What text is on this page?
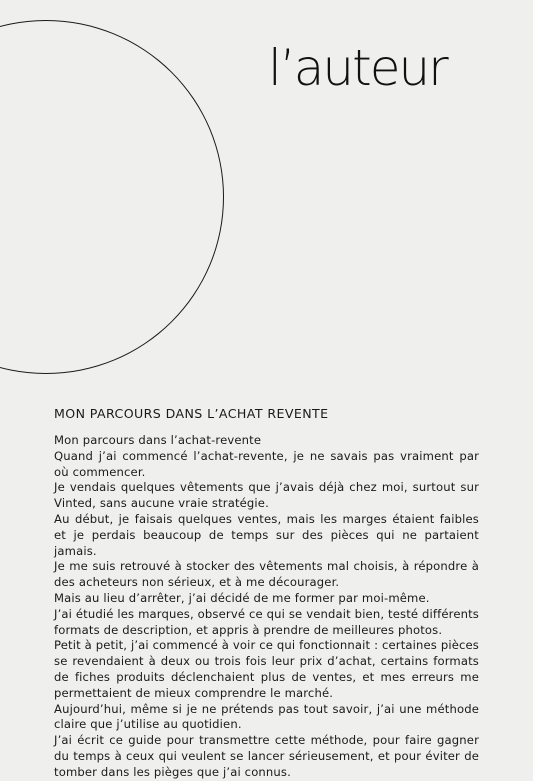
l’auteur
MON PARCOURS DANS L’ACHAT REVENTE

Mon parcours dans l’achat-revente

Quand j’ai commencé l’achat-revente, je ne savais pas vraiment par où commencer.

Je vendais quelques vêtements que j’avais déjà chez moi, surtout sur Vinted, sans aucune vraie stratégie.

Au début, je faisais quelques ventes, mais les marges étaient faibles et je perdais beaucoup de temps sur des pièces qui ne partaient jamais.

Je me suis retrouvé à stocker des vêtements mal choisis, à répondre à des acheteurs non sérieux, et à me décourager.

Mais au lieu d’arrêter, j’ai décidé de me former par moi-même.

J’ai étudié les marques, observé ce qui se vendait bien, testé différents formats de description, et appris à prendre de meilleures photos.

Petit à petit, j’ai commencé à voir ce qui fonctionnait : certaines pièces se revendaient à deux ou trois fois leur prix d’achat, certains formats de fiches produits déclenchaient plus de ventes, et mes erreurs me permettaient de mieux comprendre le marché.

Aujourd’hui, même si je ne prétends pas tout savoir, j’ai une méthode claire que j’utilise au quotidien.

J’ai écrit ce guide pour transmettre cette méthode, pour faire gagner du temps à ceux qui veulent se lancer sérieusement, et pour éviter de tomber dans les pièges que j’ai connus.
